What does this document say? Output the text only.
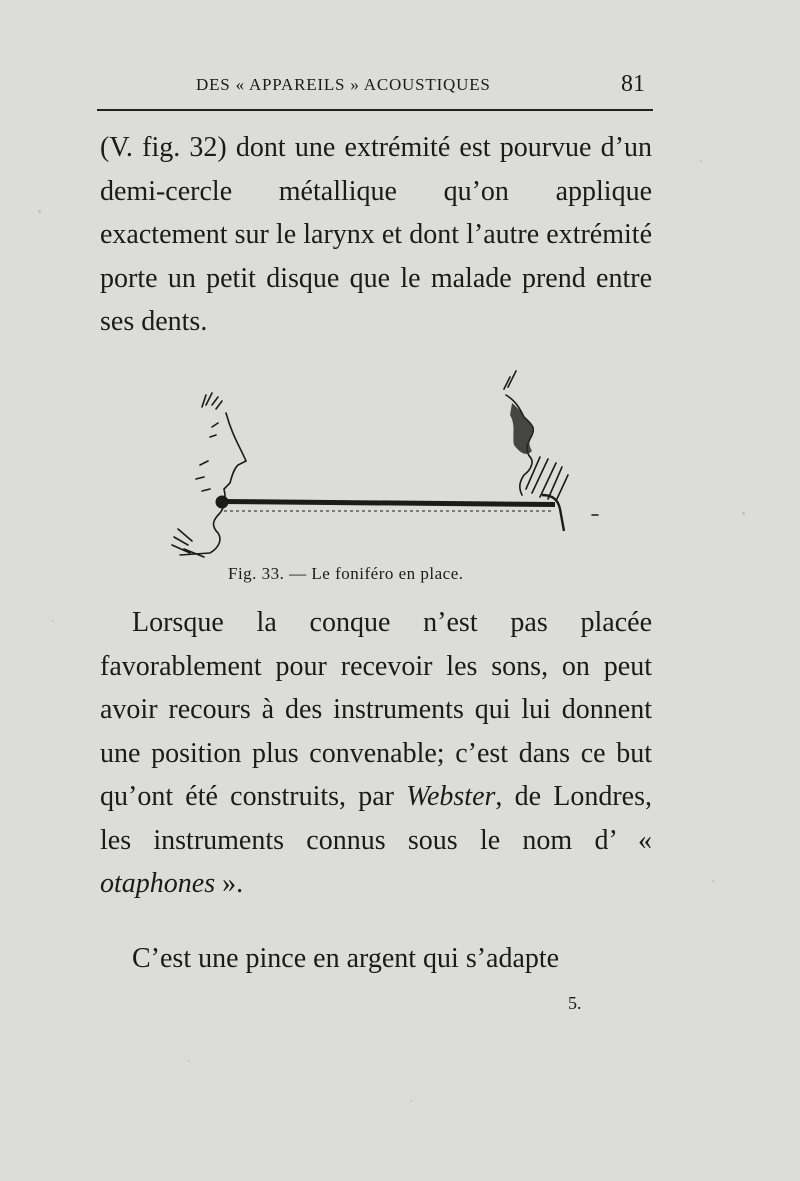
DES « APPAREILS » ACOUSTIQUES	81

(V. fig. 32) dont une extrémité est pourvue d’un demi-cercle métallique qu’on applique exactement sur le larynx et dont l’autre extrémité porte un petit disque que le malade prend entre ses dents.

Fig. 33. — Le foniféro en place.

Lorsque la conque n’est pas placée favorablement pour recevoir les sons, on peut avoir recours à des instruments qui lui donnent une position plus convenable; c’est dans ce but qu’ont été construits, par Webster, de Londres, les instruments connus sous le nom d’ « otaphones ».

C’est une pince en argent qui s’adapte

5.
